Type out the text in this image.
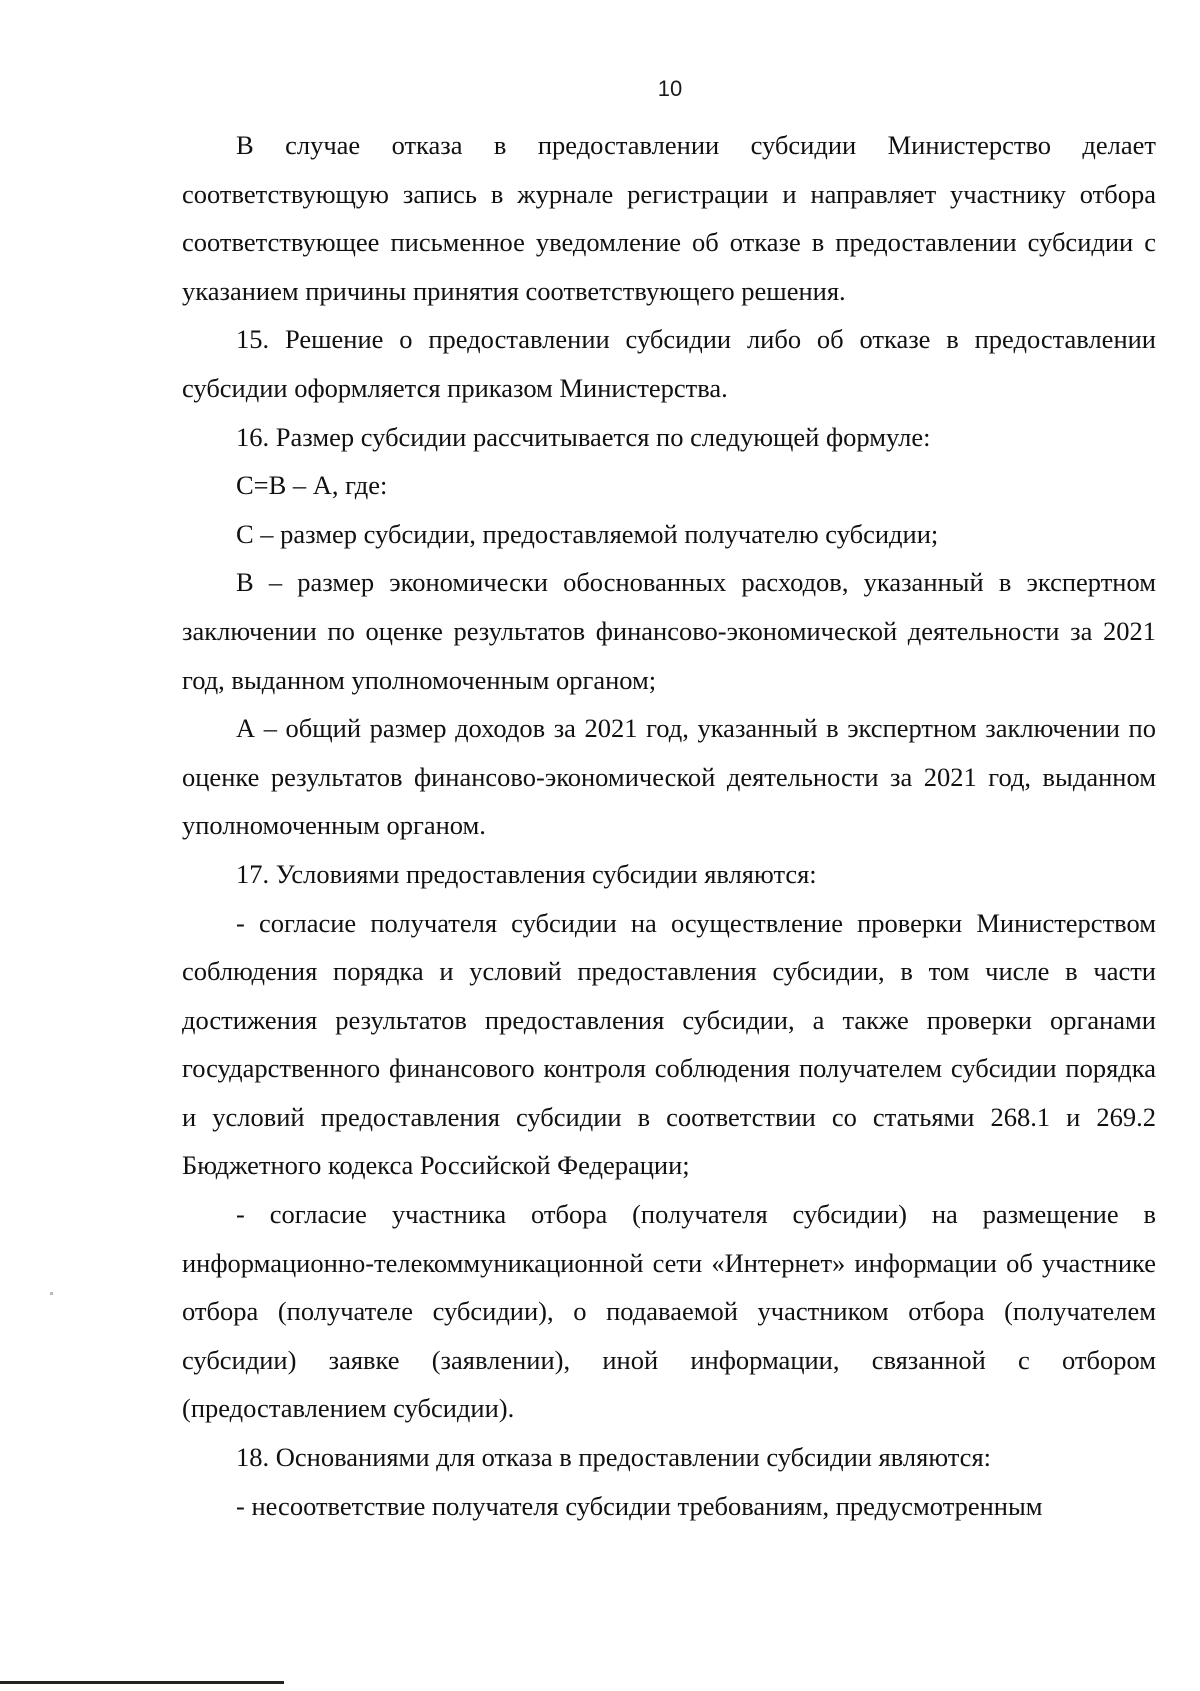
10

В случае отказа в предоставлении субсидии Министерство делает соответствующую запись в журнале регистрации и направляет участнику отбора соответствующее письменное уведомление об отказе в предоставлении субсидии с указанием причины принятия соответствующего решения.

15. Решение о предоставлении субсидии либо об отказе в предоставлении субсидии оформляется приказом Министерства.

16. Размер субсидии рассчитывается по следующей формуле:

С=В – А, где:

С – размер субсидии, предоставляемой получателю субсидии;

В – размер экономически обоснованных расходов, указанный в экспертном заключении по оценке результатов финансово-экономической деятельности за 2021 год, выданном уполномоченным органом;

А – общий размер доходов за 2021 год, указанный в экспертном заключении по оценке результатов финансово-экономической деятельности за 2021 год, выданном уполномоченным органом.

17. Условиями предоставления субсидии являются:

- согласие получателя субсидии на осуществление проверки Министерством соблюдения порядка и условий предоставления субсидии, в том числе в части достижения результатов предоставления субсидии, а также проверки органами государственного финансового контроля соблюдения получателем субсидии порядка и условий предоставления субсидии в соответствии со статьями 268.1 и 269.2 Бюджетного кодекса Российской Федерации;

- согласие участника отбора (получателя субсидии) на размещение в информационно-телекоммуникационной сети «Интернет» информации об участнике отбора (получателе субсидии), о подаваемой участником отбора (получателем субсидии) заявке (заявлении), иной информации, связанной с отбором (предоставлением субсидии).

18. Основаниями для отказа в предоставлении субсидии являются:

- несоответствие получателя субсидии требованиям, предусмотренным
